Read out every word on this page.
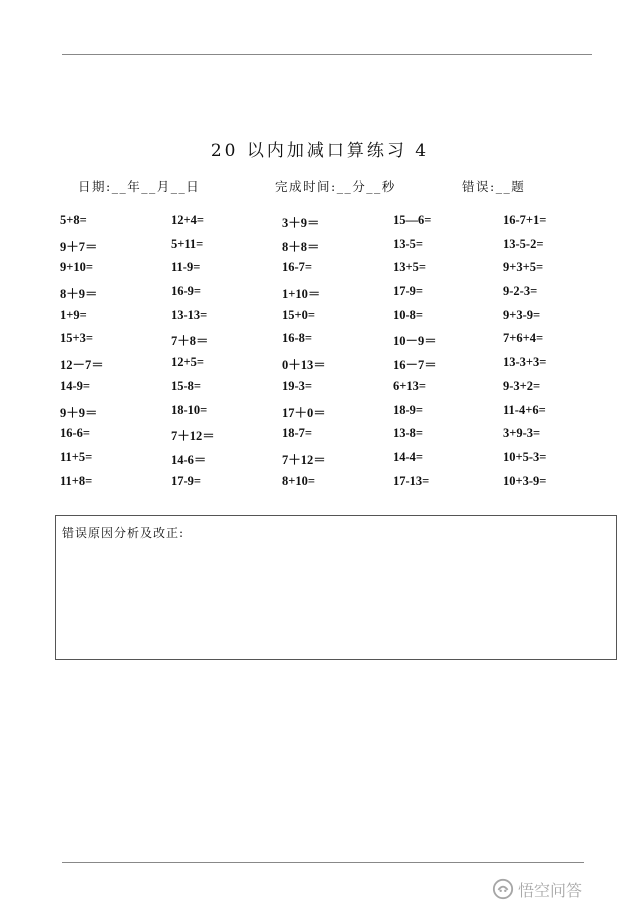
20 以内加减口算练习 4
日期:__年__月__日	完成时间:__分__秒	错误:__题
5+8=	12+4=	3＋9＝	15—6=	16-7+1=
9＋7＝	5+11=	8＋8＝	13-5=	13-5-2=
9+10=	11-9=	16-7=	13+5=	9+3+5=
8＋9＝	16-9=	1+10＝	17-9=	9-2-3=
1+9=	13-13=	15+0=	10-8=	9+3-9=
15+3=	7＋8＝	16-8=	10－9＝	7+6+4=
12－7＝	12+5=	0＋13＝	16－7＝	13-3+3=
14-9=	15-8=	19-3=	6+13=	9-3+2=
9＋9＝	18-10=	17＋0＝	18-9=	11-4+6=
16-6=	7＋12＝	18-7=	13-8=	3+9-3=
11+5=	14-6＝	7＋12＝	14-4=	10+5-3=
11+8=	17-9=	8+10=	17-13=	10+3-9=
错误原因分析及改正:
悟空问答
